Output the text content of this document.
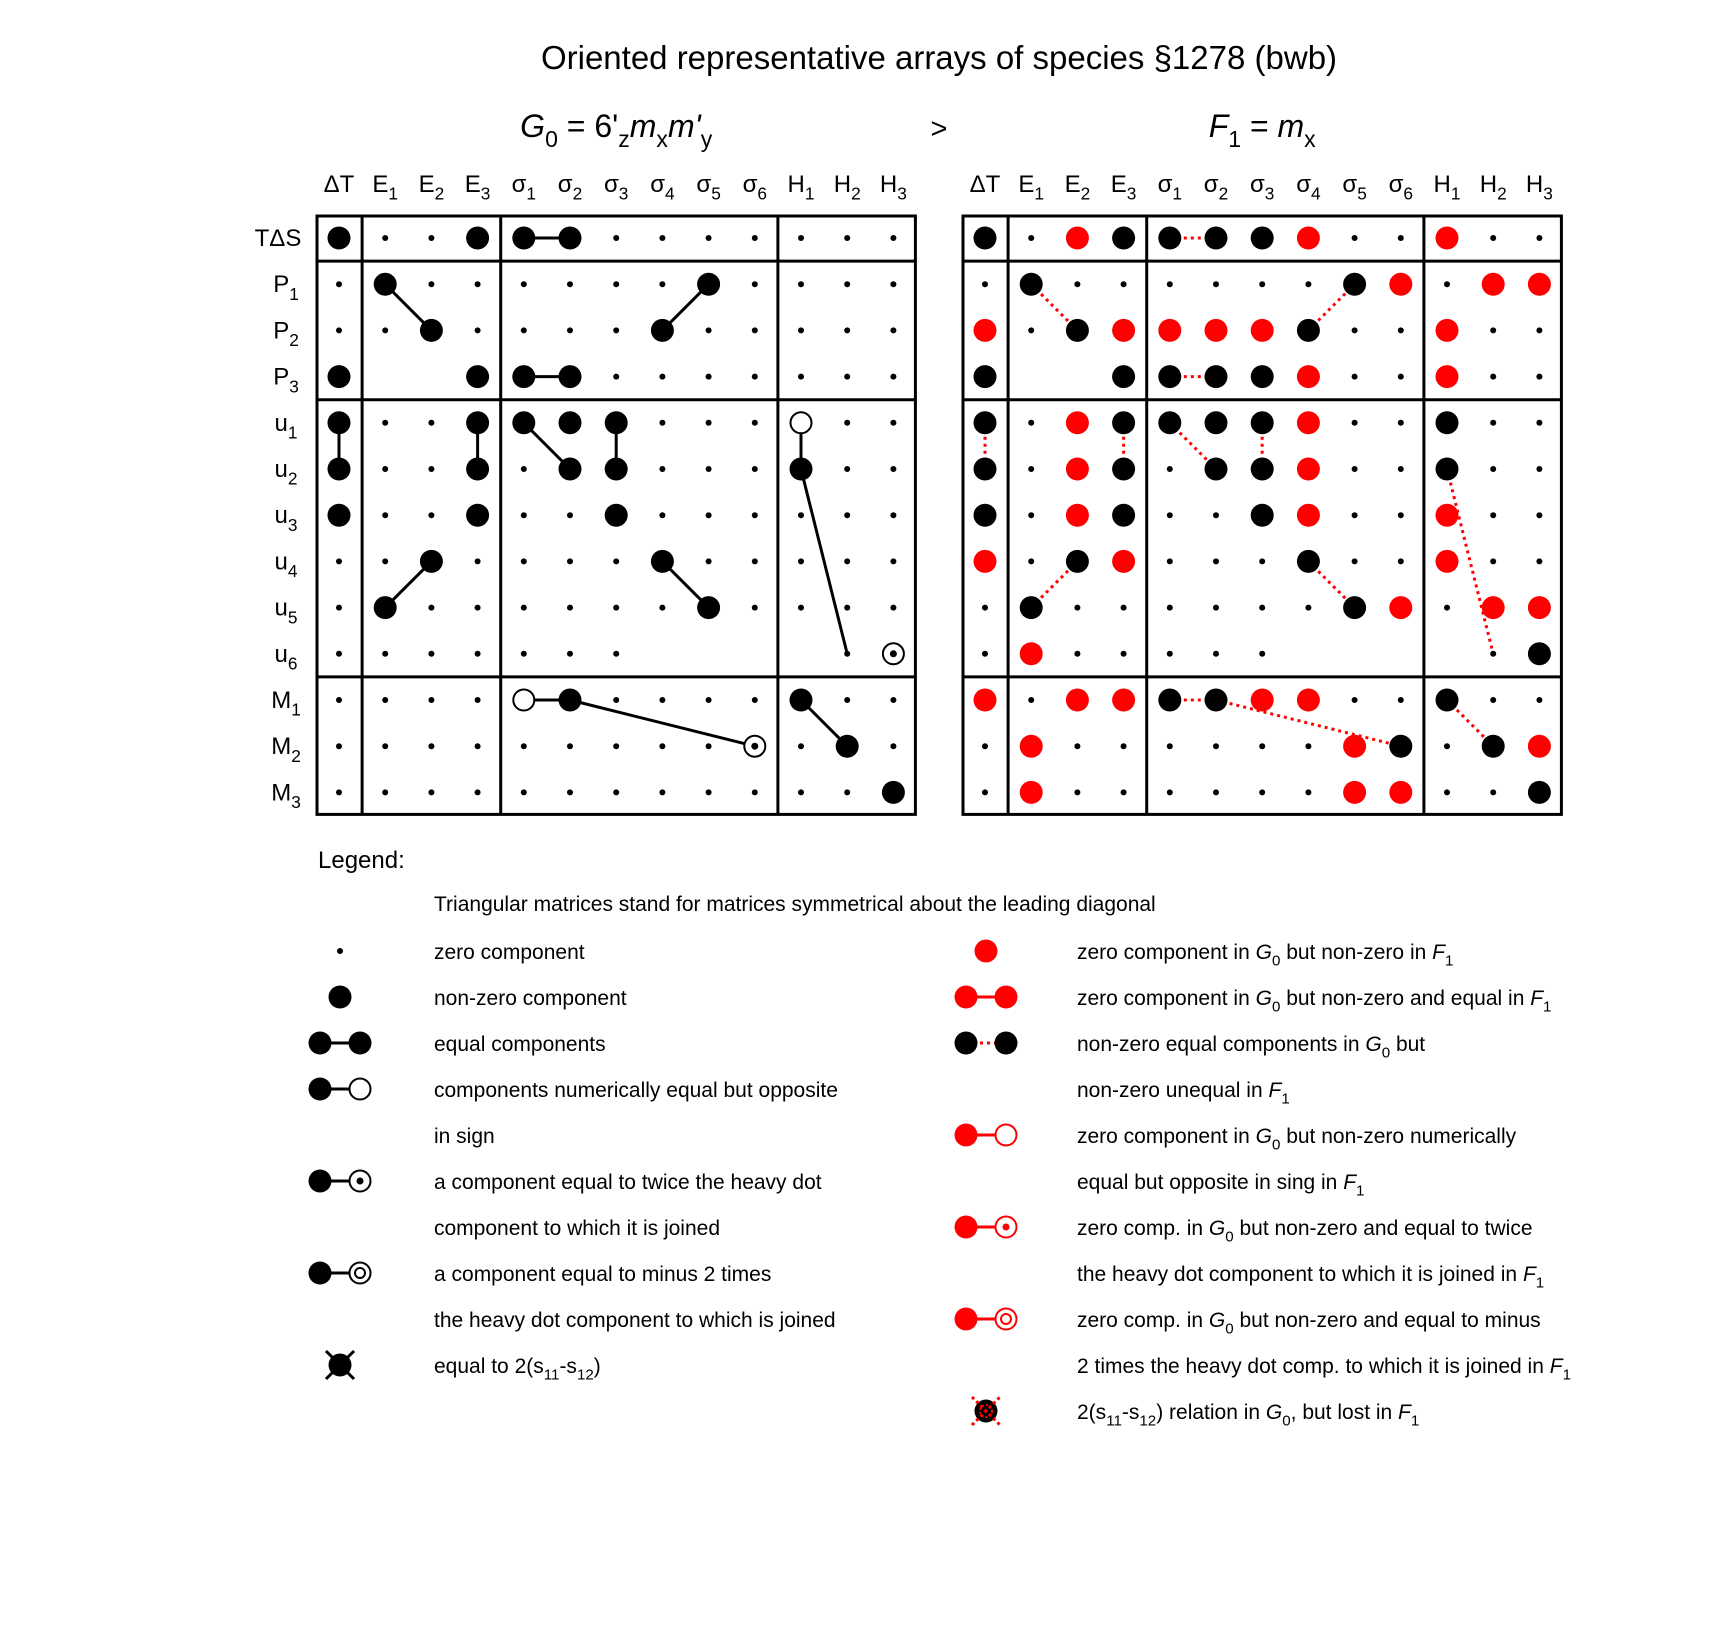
Oriented representative arrays of species §1278 (bwb)
>
$G_0 = 6'_zm_xm'_y$
ΔT $E_1$ $E_2$ $E_3$ $\sigma_1$ $\sigma_2$ $\sigma_3$ $\sigma_4$ $\sigma_5$ $\sigma_6$ $H_1$ $H_2$ $H_3$
TΔS
$P_1$
$P_2$
$P_3$
$u_1$
$u_2$
$u_3$
$u_4$
$u_5$
$u_6$
$M_1$
$M_2$
$M_3$
$F_1 = m_x$
ΔT $E_1$ $E_2$ $E_3$ $\sigma_1$ $\sigma_2$ $\sigma_3$ $\sigma_4$ $\sigma_5$ $\sigma_6$ $H_1$ $H_2$ $H_3$
Legend:
Triangular matrices stand for matrices symmetrical about the leading diagonal
zero component
non-zero component
equal components
components numerically equal but opposite
in sign
a component equal to twice the heavy dot
component to which it is joined
a component equal to minus 2 times
the heavy dot component to which is joined
equal to $2(s_{11}-s_{12})$
zero component in $G_0$ but non-zero in $F_1$
zero component in $G_0$ but non-zero and equal in $F_1$
non-zero equal components in $G_0$ but
non-zero unequal in $F_1$
zero component in $G_0$ but non-zero numerically
equal but opposite in sing in $F_1$
zero comp. in $G_0$ but non-zero and equal to twice
the heavy dot component to which it is joined in $F_1$
zero comp. in $G_0$ but non-zero and equal to minus
2 times the heavy dot comp. to which it is joined in $F_1$
$2(s_{11}-s_{12})$ relation in $G_0$, but lost in $F_1$
